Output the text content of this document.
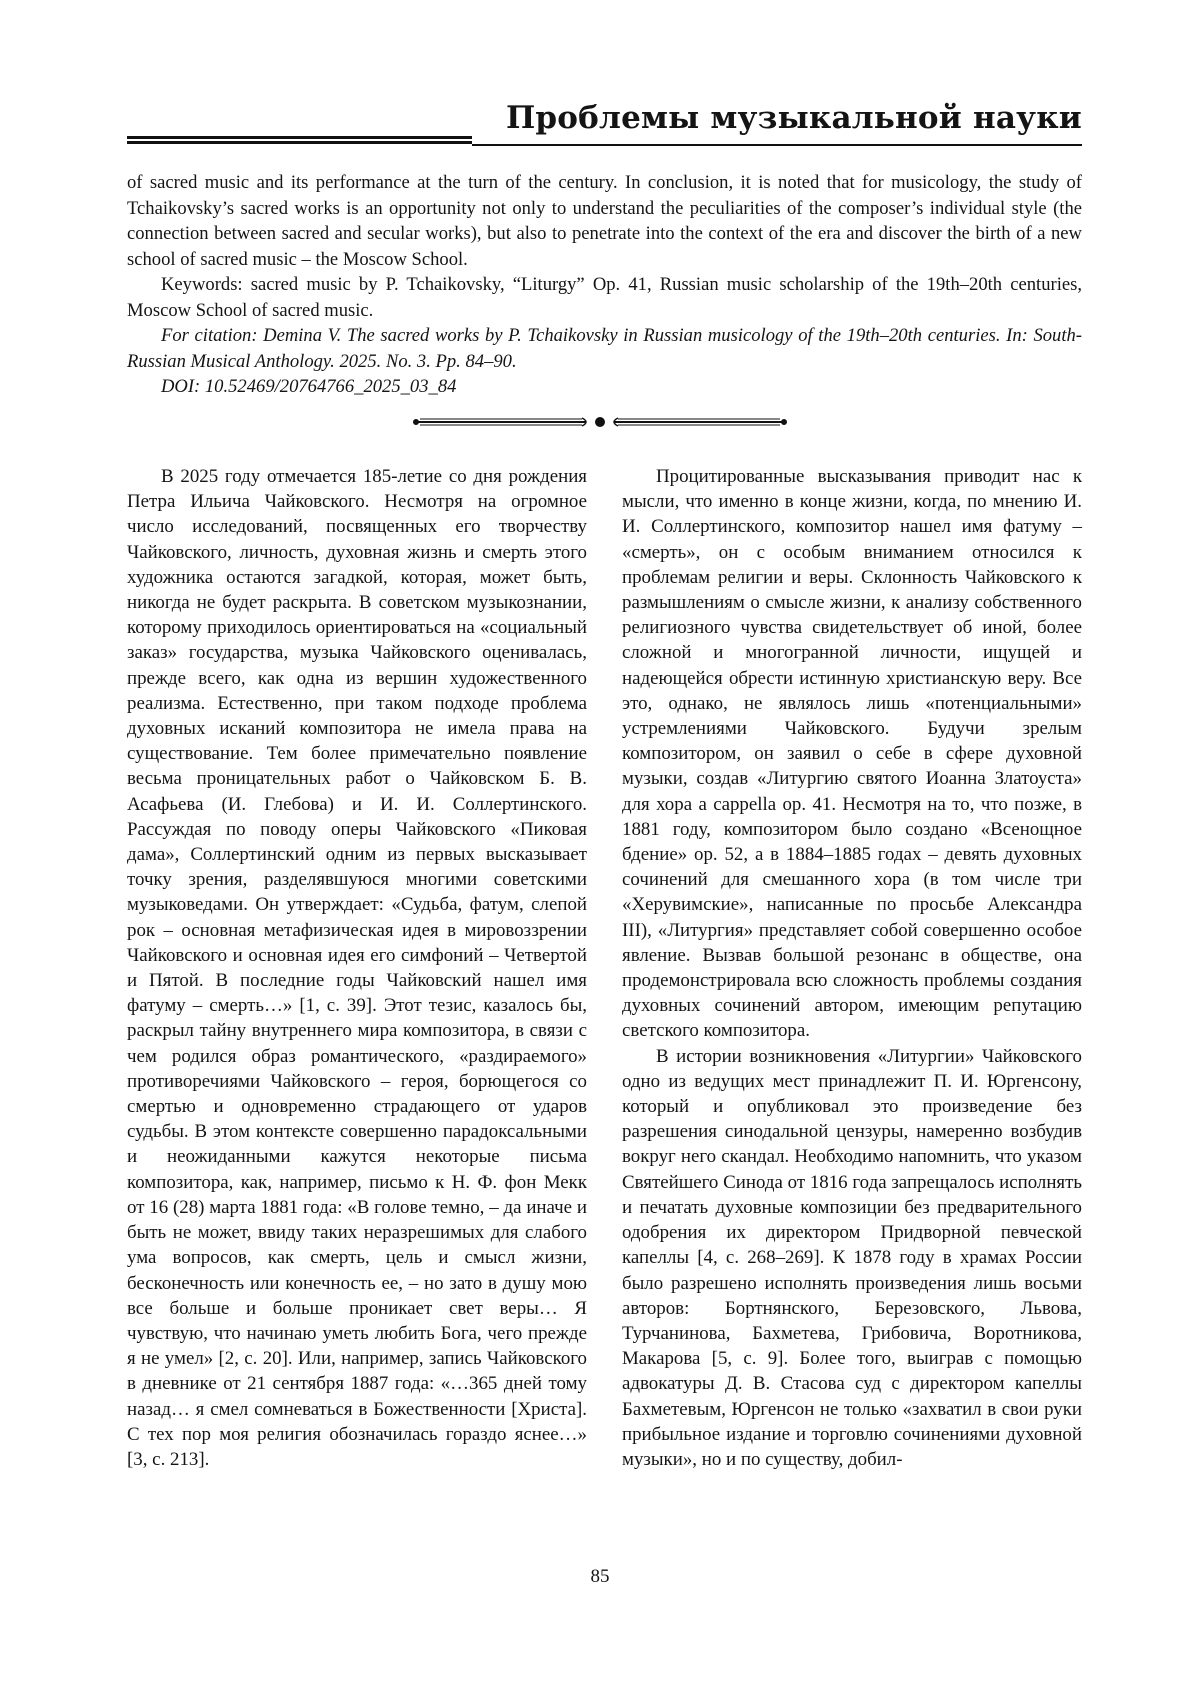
Проблемы музыкальной науки

of sacred music and its performance at the turn of the century. In conclusion, it is noted that for musicology, the study of Tchaikovsky’s sacred works is an opportunity not only to understand the peculiarities of the composer’s individual style (the connection between sacred and secular works), but also to penetrate into the context of the era and discover the birth of a new school of sacred music – the Moscow School.

Keywords: sacred music by P. Tchaikovsky, “Liturgy” Op. 41, Russian music scholarship of the 19th–20th centuries, Moscow School of sacred music.

For citation: Demina V. The sacred works by P. Tchaikovsky in Russian musicology of the 19th–20th centuries. In: South-Russian Musical Anthology. 2025. No. 3. Pp. 84–90.

DOI: 10.52469/20764766_2025_03_84

В 2025 году отмечается 185-летие со дня рождения Петра Ильича Чайковского. Несмотря на огромное число исследований, посвященных его творчеству Чайковского, личность, духовная жизнь и смерть этого художника остаются загадкой, которая, может быть, никогда не будет раскрыта. В советском музыкознании, которому приходилось ориентироваться на «социальный заказ» государства, музыка Чайковского оценивалась, прежде всего, как одна из вершин художественного реализма. Естественно, при таком подходе проблема духовных исканий композитора не имела права на существование. Тем более примечательно появление весьма проницательных работ о Чайковском Б. В. Асафьева (И. Глебова) и И. И. Соллертинского. Рассуждая по поводу оперы Чайковского «Пиковая дама», Соллертинский одним из первых высказывает точку зрения, разделявшуюся многими советскими музыковедами. Он утверждает: «Судьба, фатум, слепой рок – основная метафизическая идея в мировоззрении Чайковского и основная идея его симфоний – Четвертой и Пятой. В последние годы Чайковский нашел имя фатуму – смерть…» [1, с. 39]. Этот тезис, казалось бы, раскрыл тайну внутреннего мира композитора, в связи с чем родился образ романтического, «раздираемого» противоречиями Чайковского – героя, борющегося со смертью и одновременно страдающего от ударов судьбы. В этом контексте совершенно парадоксальными и неожиданными кажутся некоторые письма композитора, как, например, письмо к Н. Ф. фон Мекк от 16 (28) марта 1881 года: «В голове темно, – да иначе и быть не может, ввиду таких неразрешимых для слабого ума вопросов, как смерть, цель и смысл жизни, бесконечность или конечность ее, – но зато в душу мою все больше и больше проникает свет веры… Я чувствую, что начинаю уметь любить Бога, чего прежде я не умел» [2, с. 20]. Или, например, запись Чайковского в дневнике от 21 сентября 1887 года: «…365 дней тому назад… я смел сомневаться в Божественности [Христа]. С тех пор моя религия обозначилась гораздо яснее…» [3, с. 213].

Процитированные высказывания приводит нас к мысли, что именно в конце жизни, когда, по мнению И. И. Соллертинского, композитор нашел имя фатуму – «смерть», он с особым вниманием относился к проблемам религии и веры. Склонность Чайковского к размышлениям о смысле жизни, к анализу собственного религиозного чувства свидетельствует об иной, более сложной и многогранной личности, ищущей и надеющейся обрести истинную христианскую веру. Все это, однако, не являлось лишь «потенциальными» устремлениями Чайковского. Будучи зрелым композитором, он заявил о себе в сфере духовной музыки, создав «Литургию святого Иоанна Златоуста» для хора a cappella ор. 41. Несмотря на то, что позже, в 1881 году, композитором было создано «Всенощное бдение» ор. 52, а в 1884–1885 годах – девять духовных сочинений для смешанного хора (в том числе три «Херувимские», написанные по просьбе Александра III), «Литургия» представляет собой совершенно особое явление. Вызвав большой резонанс в обществе, она продемонстрировала всю сложность проблемы создания духовных сочинений автором, имеющим репутацию светского композитора.

В истории возникновения «Литургии» Чайковского одно из ведущих мест принадлежит П. И. Юргенсону, который и опубликовал это произведение без разрешения синодальной цензуры, намеренно возбудив вокруг него скандал. Необходимо напомнить, что указом Святейшего Синода от 1816 года запрещалось исполнять и печатать духовные композиции без предварительного одобрения их директором Придворной певческой капеллы [4, с. 268–269]. К 1878 году в храмах России было разрешено исполнять произведения лишь восьми авторов: Бортнянского, Березовского, Львова, Турчанинова, Бахметева, Грибовича, Воротникова, Макарова [5, с. 9]. Более того, выиграв с помощью адвокатуры Д. В. Стасова суд с директором капеллы Бахметевым, Юргенсон не только «захватил в свои руки прибыльное издание и торговлю сочинениями духовной музыки», но и по существу, добил-

85
